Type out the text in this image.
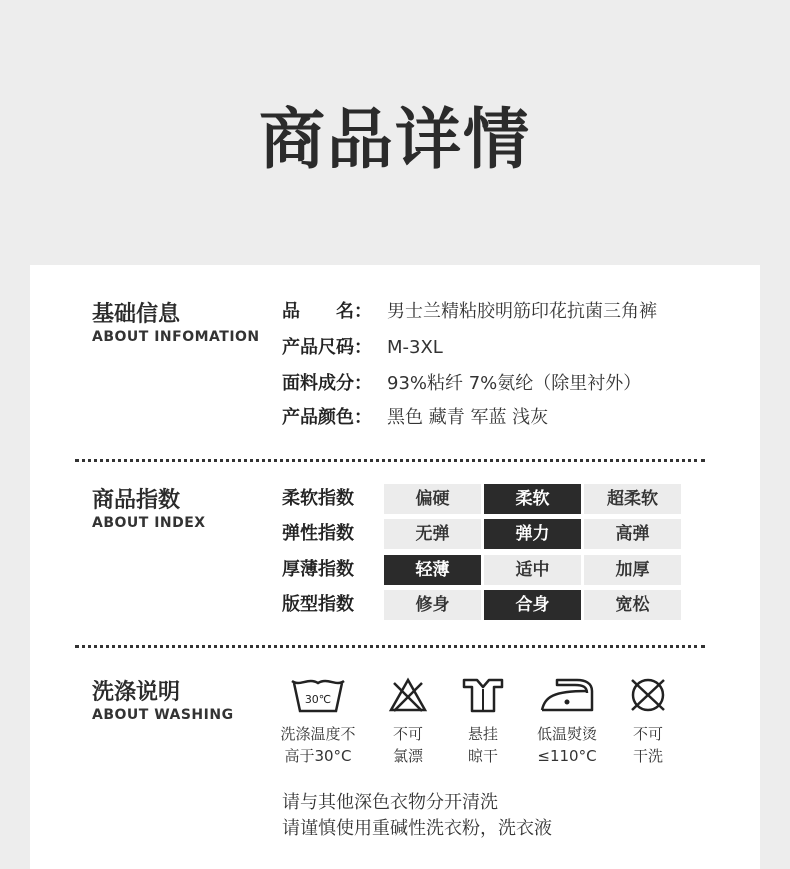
商品详情
基础信息
ABOUT INFOMATION
品　　名： 男士兰精粘胶明筋印花抗菌三角裤
产品尺码： M-3XL
面料成分： 93%粘纤 7%氨纶（除里衬外）
产品颜色： 黑色 藏青 军蓝 浅灰
商品指数
ABOUT INDEX
柔软指数	偏硬	柔软	超柔软
弹性指数	无弹	弹力	高弹
厚薄指数	轻薄	适中	加厚
版型指数	修身	合身	宽松
洗涤说明
ABOUT WASHING
30℃
洗涤温度不
高于30°C
不可
氯漂
悬挂
晾干
低温熨烫
≤110°C
不可
干洗
请与其他深色衣物分开清洗
请谨慎使用重碱性洗衣粉，洗衣液
